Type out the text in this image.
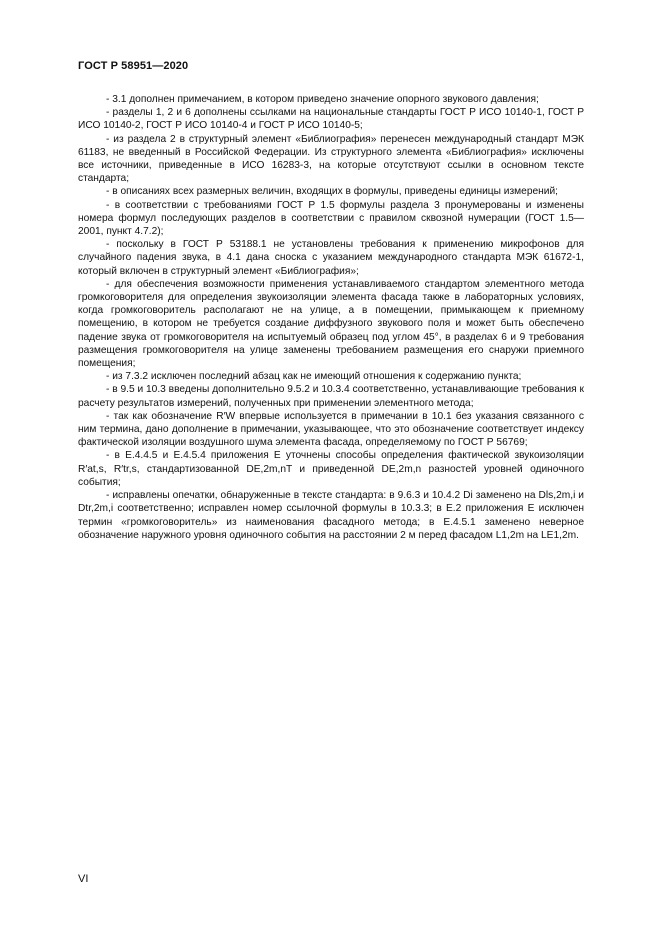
ГОСТ Р 58951—2020

- 3.1 дополнен примечанием, в котором приведено значение опорного звукового давления;

- разделы 1, 2 и 6 дополнены ссылками на национальные стандарты ГОСТ Р ИСО 10140-1, ГОСТ Р ИСО 10140-2, ГОСТ Р ИСО 10140-4 и ГОСТ Р ИСО 10140-5;

- из раздела 2 в структурный элемент «Библиография» перенесен международный стандарт МЭК 61183, не введенный в Российской Федерации. Из структурного элемента «Библиография» исключены все источники, приведенные в ИСО 16283-3, на которые отсутствуют ссылки в основном тексте стандарта;

- в описаниях всех размерных величин, входящих в формулы, приведены единицы измерений;

- в соответствии с требованиями ГОСТ Р 1.5 формулы раздела 3 пронумерованы и изменены номера формул последующих разделов в соответствии с правилом сквозной нумерации (ГОСТ 1.5—2001, пункт 4.7.2);

- поскольку в ГОСТ Р 53188.1 не установлены требования к применению микрофонов для случайного падения звука, в 4.1 дана сноска с указанием международного стандарта МЭК 61672-1, который включен в структурный элемент «Библиография»;

- для обеспечения возможности применения устанавливаемого стандартом элементного метода громкоговорителя для определения звукоизоляции элемента фасада также в лабораторных условиях, когда громкоговоритель располагают не на улице, а в помещении, примыкающем к приемному помещению, в котором не требуется создание диффузного звукового поля и может быть обеспечено падение звука от громкоговорителя на испытуемый образец под углом 45°, в разделах 6 и 9 требования размещения громкоговорителя на улице заменены требованием размещения его снаружи приемного помещения;

- из 7.3.2 исключен последний абзац как не имеющий отношения к содержанию пункта;

- в 9.5 и 10.3 введены дополнительно 9.5.2 и 10.3.4 соответственно, устанавливающие требования к расчету результатов измерений, полученных при применении элементного метода;

- так как обозначение R′W впервые используется в примечании в 10.1 без указания связанного с ним термина, дано дополнение в примечании, указывающее, что это обозначение соответствует индексу фактической изоляции воздушного шума элемента фасада, определяемому по ГОСТ Р 56769;

- в Е.4.4.5 и Е.4.5.4 приложения Е уточнены способы определения фактической звукоизоляции R′at,s, R′tr,s, стандартизованной DE,2m,nT и приведенной DE,2m,n разностей уровней одиночного события;

- исправлены опечатки, обнаруженные в тексте стандарта: в 9.6.3 и 10.4.2 Di заменено на Dls,2m,i и Dtr,2m,i соответственно; исправлен номер ссылочной формулы в 10.3.3; в Е.2 приложения Е исключен термин «громкоговоритель» из наименования фасадного метода; в Е.4.5.1 заменено неверное обозначение наружного уровня одиночного события на расстоянии 2 м перед фасадом L1,2m на LE1,2m.

VI
